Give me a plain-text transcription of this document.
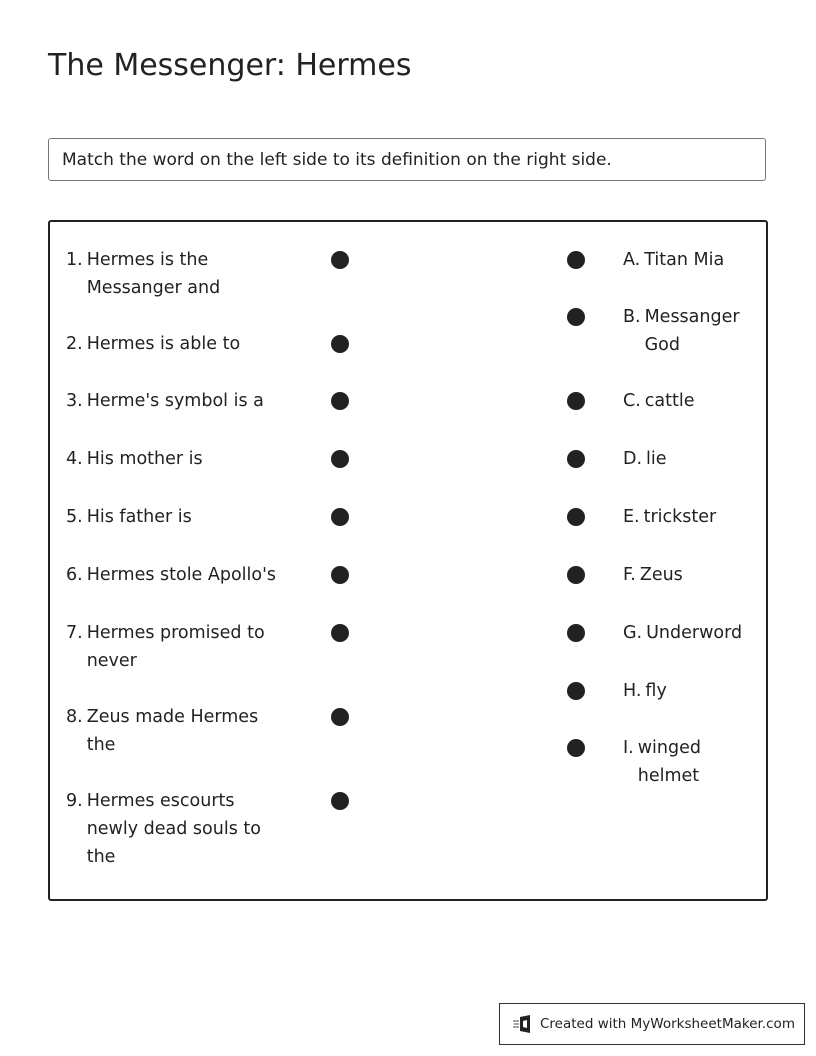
The Messenger: Hermes
Match the word on the left side to its definition on the right side.
1. Hermes is the Messanger and
2. Hermes is able to
3. Herme's symbol is a
4. His mother is
5. His father is
6. Hermes stole Apollo's
7. Hermes promised to never
8. Zeus made Hermes the
9. Hermes escourts newly dead souls to the
A. Titan Mia
B. Messanger God
C. cattle
D. lie
E. trickster
F. Zeus
G. Underword
H. fly
I. winged helmet
Created with MyWorksheetMaker.com
